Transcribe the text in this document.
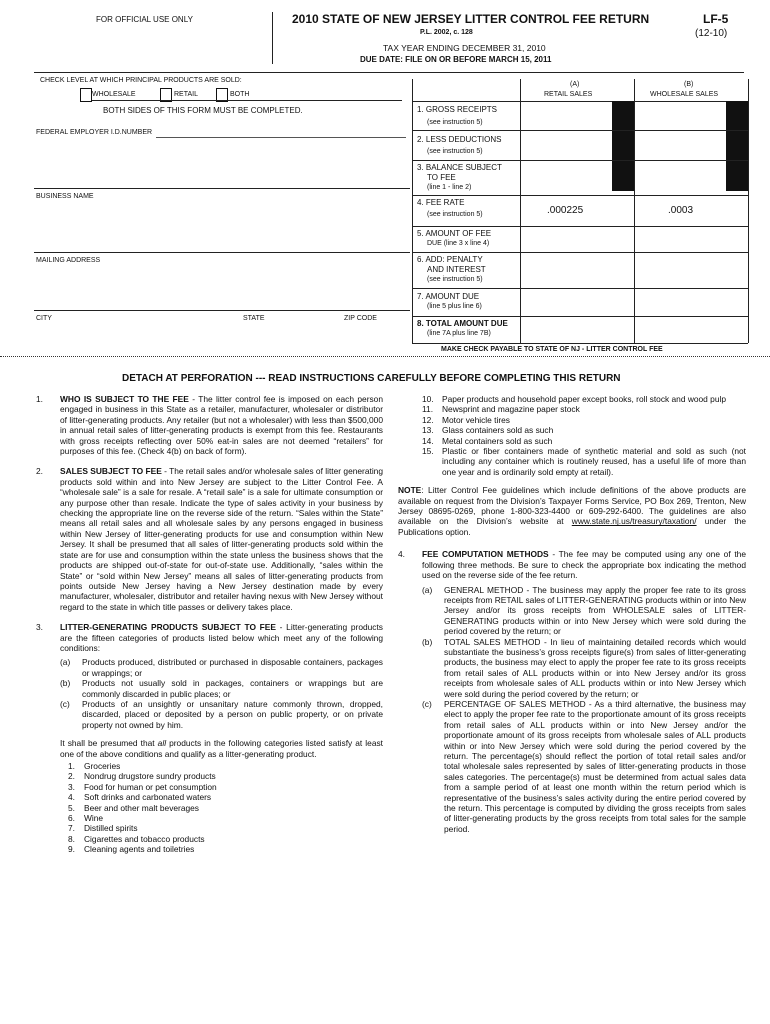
FOR OFFICIAL USE ONLY	2010 STATE OF NEW JERSEY LITTER CONTROL FEE RETURN
P.L. 2002, c. 128
TAX YEAR ENDING DECEMBER 31, 2010
DUE DATE: FILE ON OR BEFORE MARCH 15, 2011
LF-5
(12-10)
CHECK LEVEL AT WHICH PRINCIPAL PRODUCTS ARE SOLD:
WHOLESALE	RETAIL	BOTH
BOTH SIDES OF THIS FORM MUST BE COMPLETED.
FEDERAL EMPLOYER I.D.NUMBER
BUSINESS NAME
MAILING ADDRESS
CITY	STATE	ZIP CODE
(A)
RETAIL SALES
(B)
WHOLESALE SALES
1. GROSS RECEIPTS
(see instruction 5)
2. LESS DEDUCTIONS
(see instruction 5)
3. BALANCE SUBJECT
TO FEE
(line 1 - line 2)
4. FEE RATE
(see instruction 5)	.000225	.0003
5. AMOUNT OF FEE
DUE (line 3 x line 4)
6. ADD: PENALTY
AND INTEREST
(see instruction 5)
7. AMOUNT DUE
(line 5 plus line 6)
8. TOTAL AMOUNT DUE
(line 7A plus line 7B)
MAKE CHECK PAYABLE TO STATE OF NJ - LITTER CONTROL FEE
DETACH AT PERFORATION --- READ INSTRUCTIONS CAREFULLY BEFORE COMPLETING THIS RETURN
1. WHO IS SUBJECT TO THE FEE - The litter control fee is imposed on each person engaged in business in this State as a retailer, manufacturer, wholesaler or distributor of litter-generating products. Any retailer (but not a wholesaler) with less than $500,000 in annual retail sales of litter-generating products is exempt from this fee. Restaurants with gross receipts reflecting over 50% eat-in sales are not deemed “retailers” for purposes of this fee. (Check 4(b) on back of form).
2. SALES SUBJECT TO FEE - The retail sales and/or wholesale sales of litter generating products sold within and into New Jersey are subject to the Litter Control Fee. A “wholesale sale” is a sale for resale. A “retail sale” is a sale for ultimate consumption or any purpose other than resale. Indicate the type of sales activity in your business by checking the appropriate line on the reverse side of the return. “Sales within the State” means all retail sales and all wholesale sales by any persons engaged in business within New Jersey of litter-generating products for use and consumption within New Jersey. It shall be presumed that all sales of litter-generating products sold within the state are for use and consumption within the state unless the business shows that the products are shipped out-of-state for out-of-state use. Additionally, “sales within the State” or “sold within New Jersey” means all sales of litter-generating products from points outside New Jersey having a New Jersey destination made by every manufacturer, wholesaler, distributor and retailer having nexus with New Jersey without regard to the state in which title passes or delivery takes place.
3. LITTER-GENERATING PRODUCTS SUBJECT TO FEE - Litter-generating products are the fifteen categories of products listed below which meet any of the following conditions:
(a) Products produced, distributed or purchased in disposable containers, packages or wrappings; or
(b) Products not usually sold in packages, containers or wrappings but are commonly discarded in public places; or
(c) Products of an unsightly or unsanitary nature commonly thrown, dropped, discarded, placed or deposited by a person on public property, or on private property not owned by him.
It shall be presumed that all products in the following categories listed satisfy at least one of the above conditions and qualify as a litter-generating product.
1. Groceries
2. Nondrug drugstore sundry products
3. Food for human or pet consumption
4. Soft drinks and carbonated waters
5. Beer and other malt beverages
6. Wine
7. Distilled spirits
8. Cigarettes and tobacco products
9. Cleaning agents and toiletries
10. Paper products and household paper except books, roll stock and wood pulp
11. Newsprint and magazine paper stock
12. Motor vehicle tires
13. Glass containers sold as such
14. Metal containers sold as such
15. Plastic or fiber containers made of synthetic material and sold as such (not including any container which is routinely reused, has a useful life of more than one year and is ordinarily sold empty at retail).
NOTE: Litter Control Fee guidelines which include definitions of the above products are available on request from the Division’s Taxpayer Forms Service, PO Box 269, Trenton, New Jersey 08695-0269, phone 1-800-323-4400 or 609-292-6400. The guidelines are also available on the Division’s website at www.state.nj.us/treasury/taxation/ under the Publications option.
4. FEE COMPUTATION METHODS - The fee may be computed using any one of the following three methods. Be sure to check the appropriate box indicating the method used on the reverse side of the fee return.
(a) GENERAL METHOD - The business may apply the proper fee rate to its gross receipts from RETAIL sales of LITTER-GENERATING products within or into New Jersey and/or its gross receipts from WHOLESALE sales of LITTER-GENERATING products within or into New Jersey which were sold during the period covered by the return; or
(b) TOTAL SALES METHOD - In lieu of maintaining detailed records which would substantiate the business’s gross receipts figure(s) from sales of litter-generating products, the business may elect to apply the proper fee rate to its gross receipts from retail sales of ALL products within or into New Jersey and/or its gross receipts from wholesale sales of ALL products within or into New Jersey which were sold during the period covered by the return; or
(c) PERCENTAGE OF SALES METHOD - As a third alternative, the business may elect to apply the proper fee rate to the proportionate amount of its gross receipts from retail sales of ALL products within or into New Jersey and/or the proportionate amount of its gross receipts from wholesale sales of ALL products within or into New Jersey which were sold during the period covered by the return. The percentage(s) should reflect the portion of total retail sales and/or total wholesale sales represented by sales of litter-generating products in those sales categories. The percentage(s) must be determined from actual sales data from a sample period of at least one month within the return period which is representative of the business’s sales activity during the entire period covered by the return. This percentage is computed by dividing the gross receipts from sales of litter-generating products by the gross receipts from total sales for the sample period.
